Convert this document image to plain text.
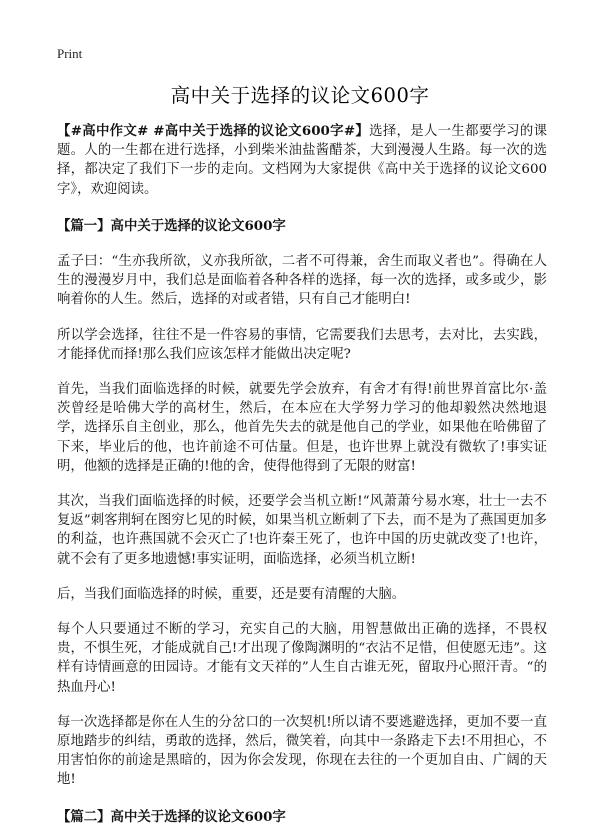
Print
高中关于选择的议论文600字

【#高中作文# #高中关于选择的议论文600字#】选择，是人一生都要学习的课题。人的一生都在进行选择，小到柴米油盐酱醋茶，大到漫漫人生路。每一次的选择，都决定了我们下一步的走向。文档网为大家提供《高中关于选择的议论文600字》，欢迎阅读。

【篇一】高中关于选择的议论文600字

孟子曰：“生亦我所欲，义亦我所欲，二者不可得兼，舍生而取义者也”。得确在人生的漫漫岁月中，我们总是面临着各种各样的选择，每一次的选择，或多或少，影响着你的人生。然后，选择的对或者错，只有自己才能明白!

所以学会选择，往往不是一件容易的事情，它需要我们去思考，去对比，去实践，才能择优而择!那么我们应该怎样才能做出决定呢?

首先，当我们面临选择的时候，就要先学会放弃，有舍才有得!前世界首富比尔·盖茨曾经是哈佛大学的高材生，然后，在本应在大学努力学习的他却毅然决然地退学，选择乐自主创业，那么，他首先失去的就是他自己的学业，如果他在哈佛留了下来，毕业后的他，也许前途不可估量。但是，也许世界上就没有微软了!事实证明，他额的选择是正确的!他的舍，使得他得到了无限的财富!

其次，当我们面临选择的时候，还要学会当机立断!“风萧萧兮易水寒，壮士一去不复返”刺客荆轲在图穷匕见的时候，如果当机立断刺了下去，而不是为了燕国更加多的利益，也许燕国就不会灭亡了!也许秦王死了，也许中国的历史就改变了!也许，就不会有了更多地遗憾!事实证明，面临选择，必须当机立断!

后，当我们面临选择的时候，重要，还是要有清醒的大脑。

每个人只要通过不断的学习，充实自己的大脑，用智慧做出正确的选择，不畏权贵，不惧生死，才能成就自己!才出现了像陶渊明的“衣沾不足惜，但使愿无违”。这样有诗情画意的田园诗。才能有文天祥的”人生自古谁无死，留取丹心照汗青。“的热血丹心!

每一次选择都是你在人生的分岔口的一次契机!所以请不要逃避选择，更加不要一直原地踏步的纠结，勇敢的选择，然后，微笑着，向其中一条路走下去!不用担心，不用害怕你的前途是黑暗的，因为你会发现，你现在去往的一个更加自由、广阔的天地!

【篇二】高中关于选择的议论文600字
